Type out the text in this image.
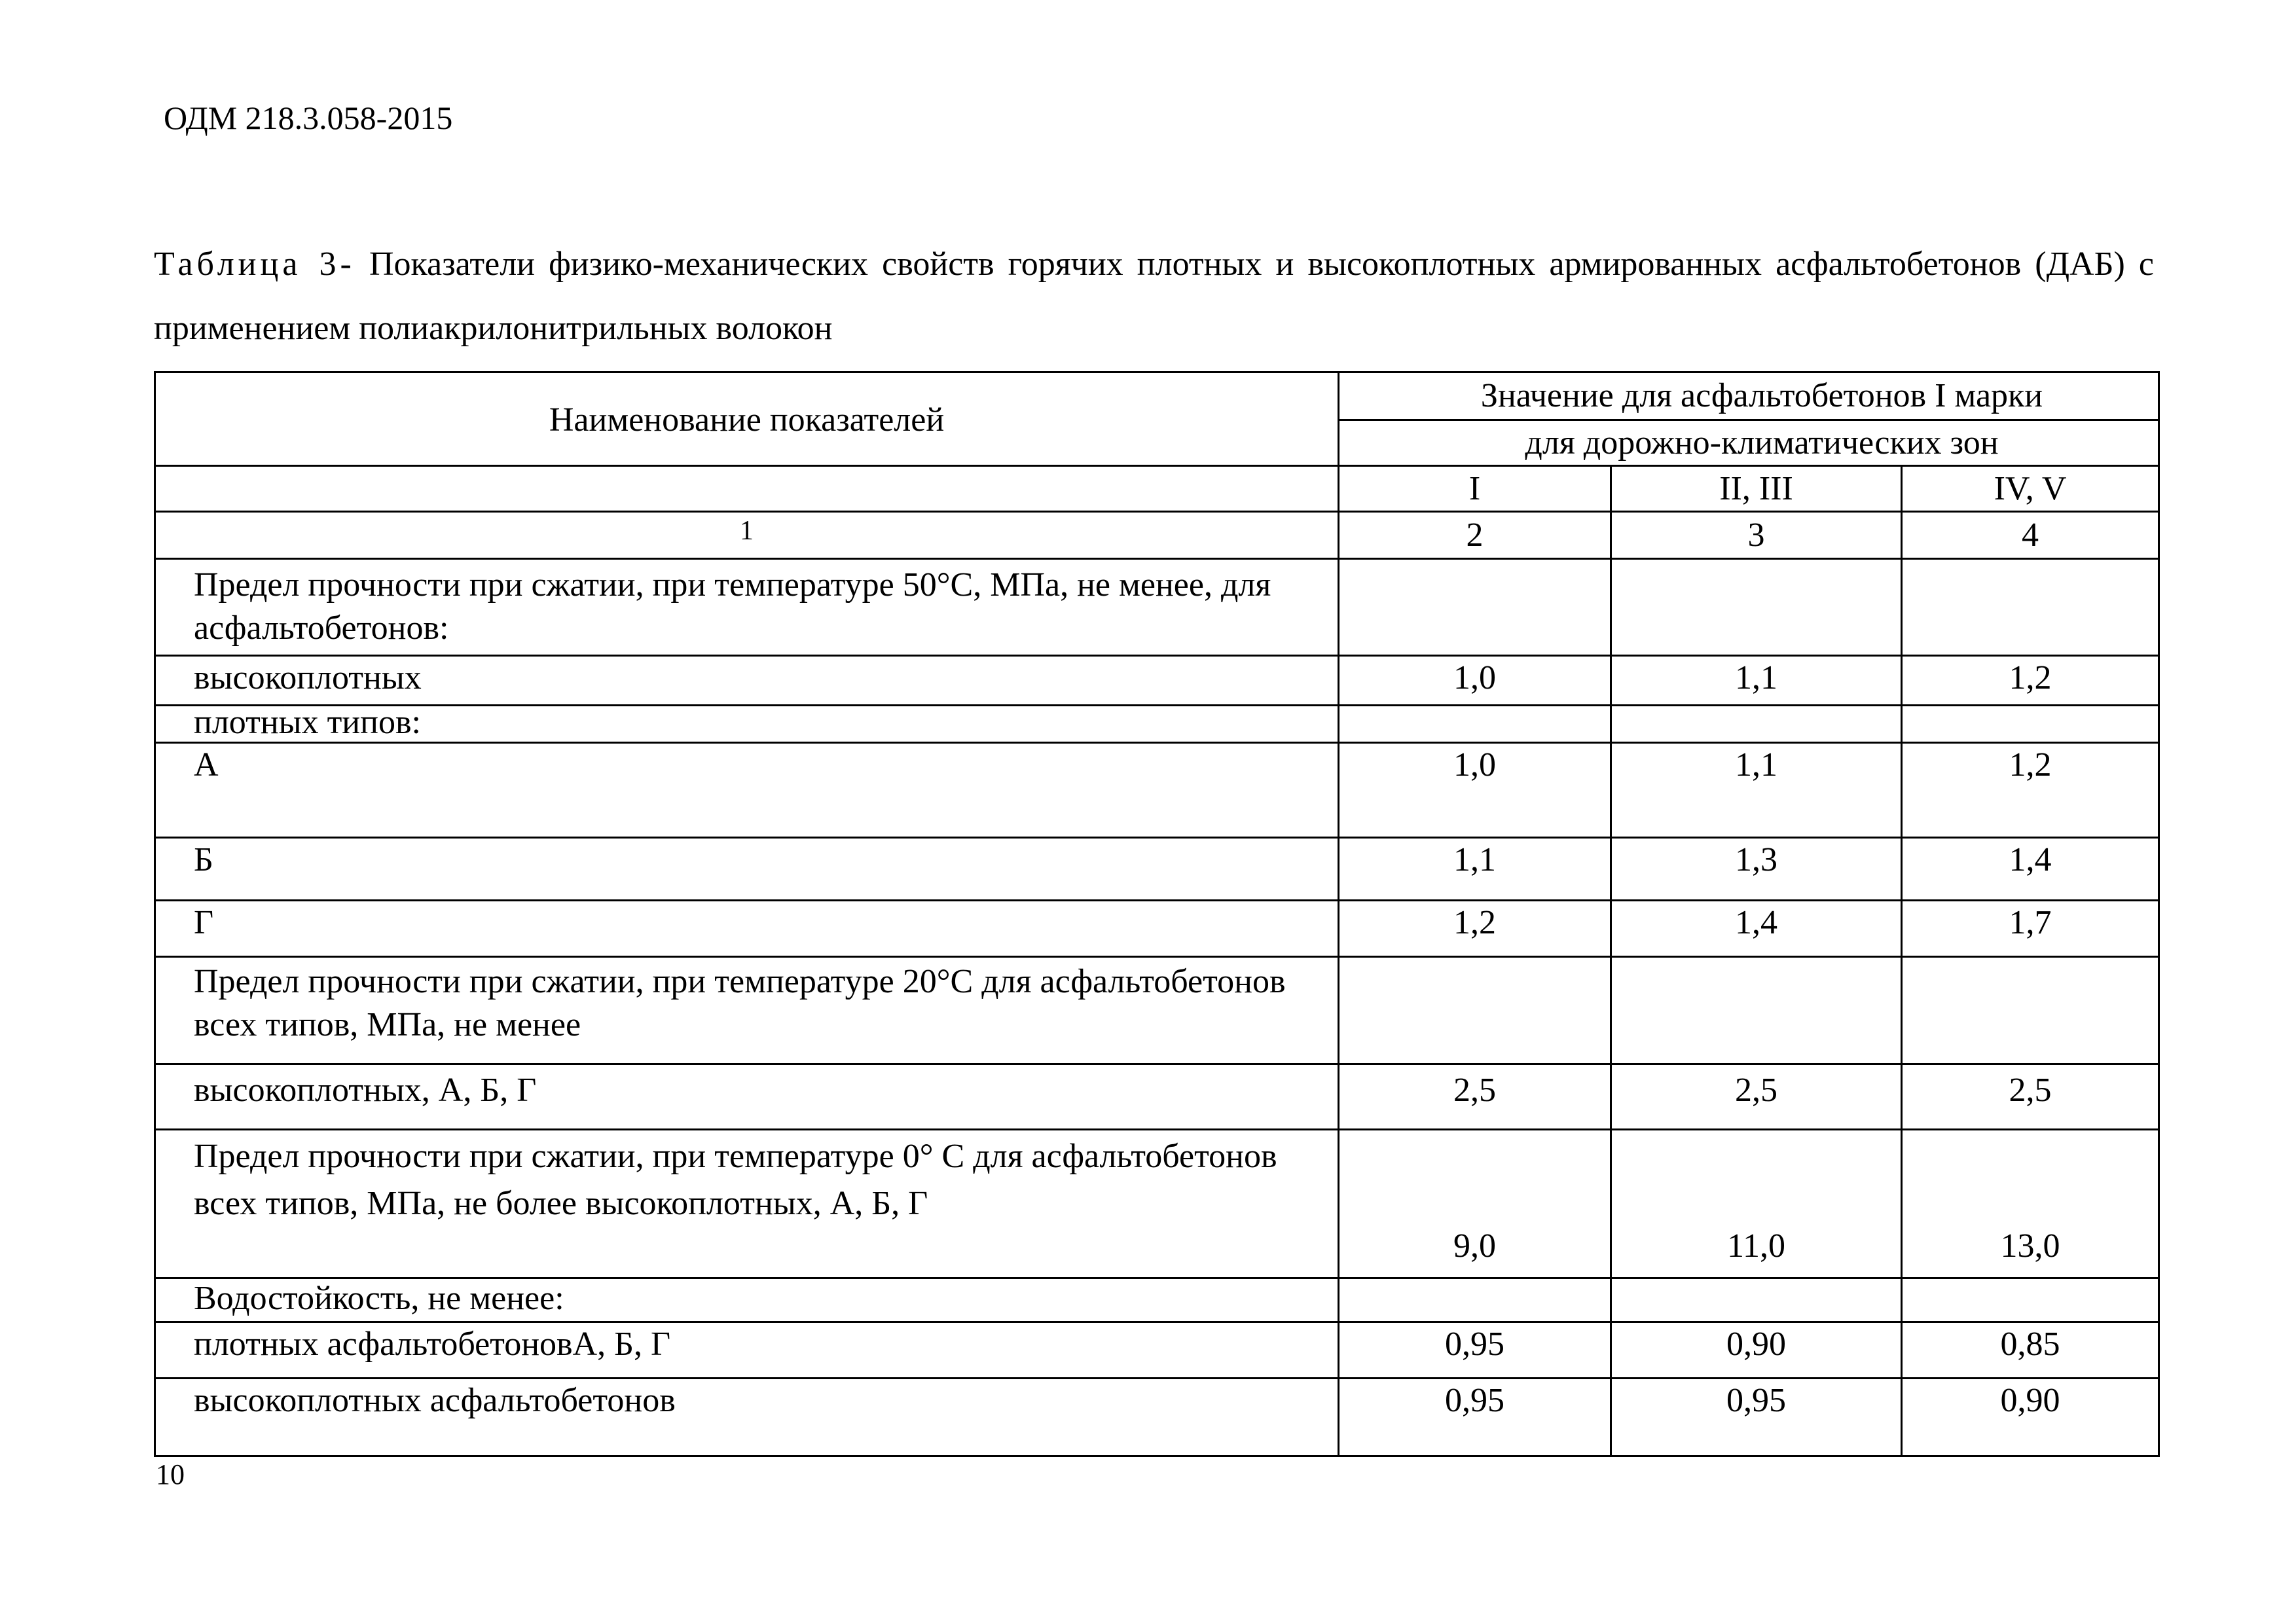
ОДМ 218.3.058-2015
Таблица 3- Показатели физико-механических свойств горячих плотных и высокоплотных армированных асфальтобетонов (ДАБ) с применением полиакрилонитрильных волокон
Наименование показателей	Значение для асфальтобетонов I марки		
	для дорожно-климатических зон		
	I	II, III	IV, V
1	2	3	4
Предел прочности при сжатии, при температуре 50°С, МПа, не менее, для асфальтобетонов:			
высокоплотных	1,0	1,1	1,2
плотных типов:			
А	1,0	1,1	1,2
Б	1,1	1,3	1,4
Г	1,2	1,4	1,7
Предел прочности при сжатии, при температуре 20°С для асфальтобетонов всех типов, МПа, не менее			
высокоплотных, А, Б, Г	2,5	2,5	2,5
Предел прочности при сжатии, при температуре 0° С для асфальтобетонов всех типов, МПа, не более высокоплотных, А, Б, Г	9,0	11,0	13,0
Водостойкость, не менее:			
плотных асфальтобетоновА, Б, Г	0,95	0,90	0,85
высокоплотных асфальтобетонов	0,95	0,95	0,90
10
